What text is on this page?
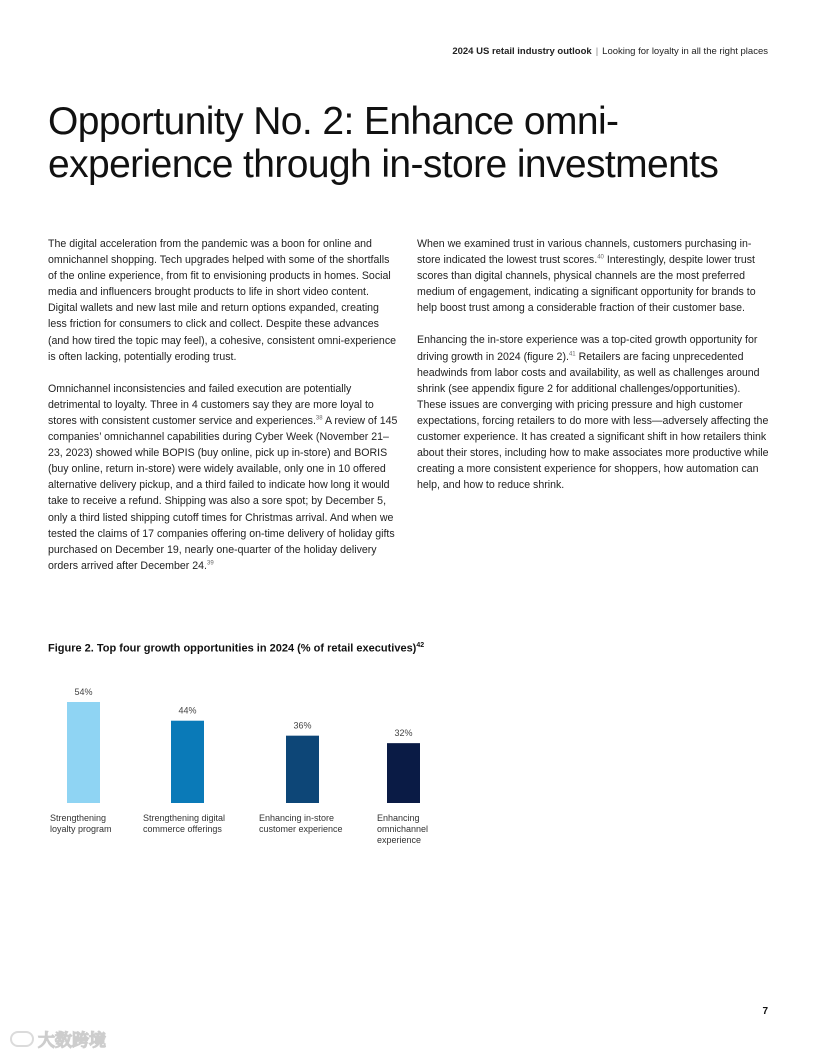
2024 US retail industry outlook | Looking for loyalty in all the right places
Opportunity No. 2: Enhance omni-experience through in-store investments

The digital acceleration from the pandemic was a boon for online and omnichannel shopping. Tech upgrades helped with some of the shortfalls of the online experience, from fit to envisioning products in homes. Social media and influencers brought products to life in short video content. Digital wallets and new last mile and return options expanded, creating less friction for consumers to click and collect. Despite these advances (and how tired the topic may feel), a cohesive, consistent omni-experience is often lacking, potentially eroding trust.

Omnichannel inconsistencies and failed execution are potentially detrimental to loyalty. Three in 4 customers say they are more loyal to stores with consistent customer service and experiences.$^{38}$ A review of 145 companies’ omnichannel capabilities during Cyber Week (November 21–23, 2023) showed while BOPIS (buy online, pick up in-store) and BORIS (buy online, return in-store) were widely available, only one in 10 offered alternative delivery pickup, and a third failed to indicate how long it would take to receive a refund. Shipping was also a sore spot; by December 5, only a third listed shipping cutoff times for Christmas arrival. And when we tested the claims of 17 companies offering on-time delivery of holiday gifts purchased on December 19, nearly one-quarter of the holiday delivery orders arrived after December 24.39

When we examined trust in various channels, customers purchasing in-store indicated the lowest trust scores.$^{40}$ Interestingly, despite lower trust scores than digital channels, physical channels are the most preferred medium of engagement, indicating a significant opportunity for brands to help boost trust among a considerable fraction of their customer base.

Enhancing the in-store experience was a top-cited growth opportunity for driving growth in 2024 (figure 2).$^{41}$ Retailers are facing unprecedented headwinds from labor costs and availability, as well as challenges around shrink (see appendix figure 2 for additional challenges/opportunities). These issues are converging with pricing pressure and high customer expectations, forcing retailers to do more with less—adversely affecting the customer experience. It has created a significant shift in how retailers think about their stores, including how to make associates more productive while creating a more consistent experience for shoppers, how automation can help, and how to reduce shrink.

Figure 2. Top four growth opportunities in 2024 (% of retail executives)$^{42}$
54%
44%
36%
32%
Strengthening
loyalty program
Strengthening digital
commerce offerings
Enhancing in-store
customer experience
Enhancing
omnichannel
experience
7
大数跨境
